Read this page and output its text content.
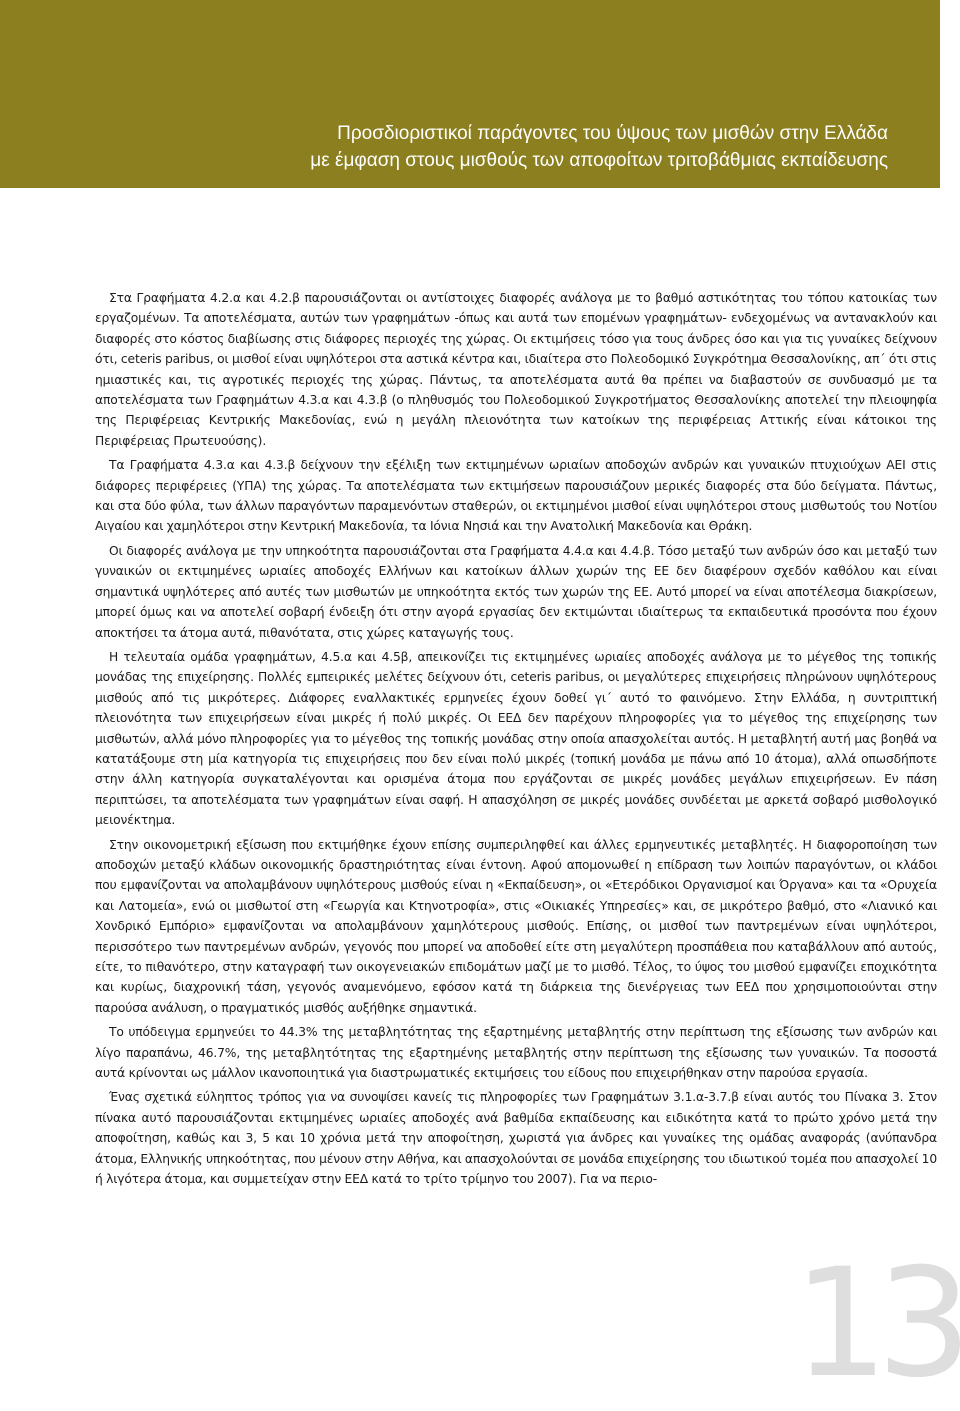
Προσδιοριστικοί παράγοντες του ύψους των μισθών στην Ελλάδα
με έμφαση στους μισθούς των αποφοίτων τριτοβάθμιας εκπαίδευσης

Στα Γραφήματα 4.2.α και 4.2.β παρουσιάζονται οι αντίστοιχες διαφορές ανάλογα με το βαθμό αστικότητας του τόπου κατοικίας των εργαζομένων. Τα αποτελέσματα, αυτών των γραφημάτων -όπως και αυτά των επομένων γραφημάτων- ενδεχομένως να αντανακλούν και διαφορές στο κόστος διαβίωσης στις διάφορες περιοχές της χώρας. Οι εκτιμήσεις τόσο για τους άνδρες όσο και για τις γυναίκες δείχνουν ότι, ceteris paribus, οι μισθοί είναι υψηλότεροι στα αστικά κέντρα και, ιδιαίτερα στο Πολεοδομικό Συγκρότημα Θεσσαλονίκης, απ΄ ότι στις ημιαστικές και, τις αγροτικές περιοχές της χώρας. Πάντως, τα αποτελέσματα αυτά θα πρέπει να διαβαστούν σε συνδυασμό με τα αποτελέσματα των Γραφημάτων 4.3.α και 4.3.β (ο πληθυσμός του Πολεοδομικού Συγκροτήματος Θεσσαλονίκης αποτελεί την πλειοψηφία της Περιφέρειας Κεντρικής Μακεδονίας, ενώ η μεγάλη πλειονότητα των κατοίκων της περιφέρειας Αττικής είναι κάτοικοι της Περιφέρειας Πρωτευούσης).

Τα Γραφήματα 4.3.α και 4.3.β δείχνουν την εξέλιξη των εκτιμημένων ωριαίων αποδοχών ανδρών και γυναικών πτυχιούχων ΑΕΙ στις διάφορες περιφέρειες (ΥΠΑ) της χώρας. Τα αποτελέσματα των εκτιμήσεων παρουσιάζουν μερικές διαφορές στα δύο δείγματα. Πάντως, και στα δύο φύλα, των άλλων παραγόντων παραμενόντων σταθερών, οι εκτιμημένοι μισθοί είναι υψηλότεροι στους μισθωτούς του Νοτίου Αιγαίου και χαμηλότεροι στην Κεντρική Μακεδονία, τα Ιόνια Νησιά και την Ανατολική Μακεδονία και Θράκη.

Οι διαφορές ανάλογα με την υπηκοότητα παρουσιάζονται στα Γραφήματα 4.4.α και 4.4.β. Τόσο μεταξύ των ανδρών όσο και μεταξύ των γυναικών οι εκτιμημένες ωριαίες αποδοχές Ελλήνων και κατοίκων άλλων χωρών της ΕΕ δεν διαφέρουν σχεδόν καθόλου και είναι σημαντικά υψηλότερες από αυτές των μισθωτών με υπηκοότητα εκτός των χωρών της ΕΕ. Αυτό μπορεί να είναι αποτέλεσμα διακρίσεων, μπορεί όμως και να αποτελεί σοβαρή ένδειξη ότι στην αγορά εργασίας δεν εκτιμώνται ιδιαίτερως τα εκπαιδευτικά προσόντα που έχουν αποκτήσει τα άτομα αυτά, πιθανότατα, στις χώρες καταγωγής τους.

Η τελευταία ομάδα γραφημάτων, 4.5.α και 4.5β, απεικονίζει τις εκτιμημένες ωριαίες αποδοχές ανάλογα με το μέγεθος της τοπικής μονάδας της επιχείρησης. Πολλές εμπειρικές μελέτες δείχνουν ότι, ceteris paribus, οι μεγαλύτερες επιχειρήσεις πληρώνουν υψηλότερους μισθούς από τις μικρότερες. Διάφορες εναλλακτικές ερμηνείες έχουν δοθεί γι΄ αυτό το φαινόμενο. Στην Ελλάδα, η συντριπτική πλειονότητα των επιχειρήσεων είναι μικρές ή πολύ μικρές. Οι ΕΕΔ δεν παρέχουν πληροφορίες για το μέγεθος της επιχείρησης των μισθωτών, αλλά μόνο πληροφορίες για το μέγεθος της τοπικής μονάδας στην οποία απασχολείται αυτός. Η μεταβλητή αυτή μας βοηθά να κατατάξουμε στη μία κατηγορία τις επιχειρήσεις που δεν είναι πολύ μικρές (τοπική μονάδα με πάνω από 10 άτομα), αλλά οπωσδήποτε στην άλλη κατηγορία συγκαταλέγονται και ορισμένα άτομα που εργάζονται σε μικρές μονάδες μεγάλων επιχειρήσεων. Εν πάση περιπτώσει, τα αποτελέσματα των γραφημάτων είναι σαφή. Η απασχόληση σε μικρές μονάδες συνδέεται με αρκετά σοβαρό μισθολογικό μειονέκτημα.

Στην οικονομετρική εξίσωση που εκτιμήθηκε έχουν επίσης συμπεριληφθεί και άλλες ερμηνευτικές μεταβλητές. Η διαφοροποίηση των αποδοχών μεταξύ κλάδων οικονομικής δραστηριότητας είναι έντονη. Αφού απομονωθεί η επίδραση των λοιπών παραγόντων, οι κλάδοι που εμφανίζονται να απολαμβάνουν υψηλότερους μισθούς είναι η «Εκπαίδευση», οι «Ετερόδικοι Οργανισμοί και Όργανα» και τα «Ορυχεία και Λατομεία», ενώ οι μισθωτοί στη «Γεωργία και Κτηνοτροφία», στις «Οικιακές Υπηρεσίες» και, σε μικρότερο βαθμό, στο «Λιανικό και Χονδρικό Εμπόριο» εμφανίζονται να απολαμβάνουν χαμηλότερους μισθούς. Επίσης, οι μισθοί των παντρεμένων είναι υψηλότεροι, περισσότερο των παντρεμένων ανδρών, γεγονός που μπορεί να αποδοθεί είτε στη μεγαλύτερη προσπάθεια που καταβάλλουν από αυτούς, είτε, το πιθανότερο, στην καταγραφή των οικογενειακών επιδομάτων μαζί με το μισθό. Τέλος, το ύψος του μισθού εμφανίζει εποχικότητα και κυρίως, διαχρονική τάση, γεγονός αναμενόμενο, εφόσον κατά τη διάρκεια της διενέργειας των ΕΕΔ που χρησιμοποιούνται στην παρούσα ανάλυση, ο πραγματικός μισθός αυξήθηκε σημαντικά.

Το υπόδειγμα ερμηνεύει το 44.3% της μεταβλητότητας της εξαρτημένης μεταβλητής στην περίπτωση της εξίσωσης των ανδρών και λίγο παραπάνω, 46.7%, της μεταβλητότητας της εξαρτημένης μεταβλητής στην περίπτωση της εξίσωσης των γυναικών. Τα ποσοστά αυτά κρίνονται ως μάλλον ικανοποιητικά για διαστρωματικές εκτιμήσεις του είδους που επιχειρήθηκαν στην παρούσα εργασία.

Ένας σχετικά εύληπτος τρόπος για να συνοψίσει κανείς τις πληροφορίες των Γραφημάτων 3.1.α-3.7.β είναι αυτός του Πίνακα 3. Στον πίνακα αυτό παρουσιάζονται εκτιμημένες ωριαίες αποδοχές ανά βαθμίδα εκπαίδευσης και ειδικότητα κατά το πρώτο χρόνο μετά την αποφοίτηση, καθώς και 3, 5 και 10 χρόνια μετά την αποφοίτηση, χωριστά για άνδρες και γυναίκες της ομάδας αναφοράς (ανύπανδρα άτομα, Ελληνικής υπηκοότητας, που μένουν στην Αθήνα, και απασχολούνται σε μονάδα επιχείρησης του ιδιωτικού τομέα που απασχολεί 10 ή λιγότερα άτομα, και συμμετείχαν στην ΕΕΔ κατά το τρίτο τρίμηνο του 2007). Για να περιο-

13
